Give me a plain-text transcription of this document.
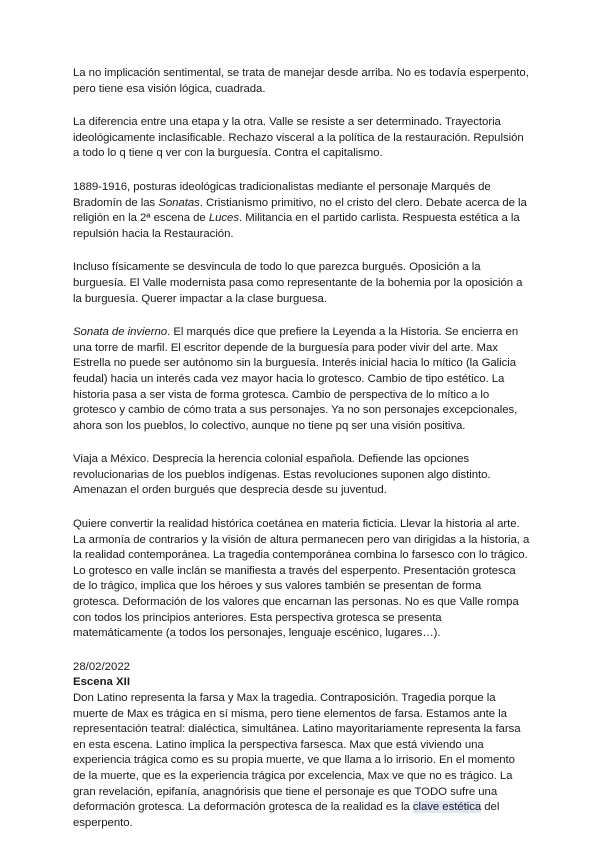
La no implicación sentimental, se trata de manejar desde arriba. No es todavía esperpento, pero tiene esa visión lógica, cuadrada.

La diferencia entre una etapa y la otra. Valle se resiste a ser determinado. Trayectoria ideológicamente inclasificable. Rechazo visceral a la política de la restauración. Repulsión a todo lo q tiene q ver con la burguesía. Contra el capitalismo.

1889-1916, posturas ideológicas tradicionalistas mediante el personaje Marqués de Bradomín de las Sonatas. Cristianismo primitivo, no el cristo del clero. Debate acerca de la religión en la 2ª escena de Luces. Militancia en el partido carlista. Respuesta estética a la repulsión hacia la Restauración.

Incluso físicamente se desvincula de todo lo que parezca burgués. Oposición a la burguesía. El Valle modernista pasa como representante de la bohemia por la oposición a la burguesía. Querer impactar a la clase burguesa.

Sonata de invierno. El marqués dice que prefiere la Leyenda a la Historia. Se encierra en una torre de marfil. El escritor depende de la burguesía para poder vivir del arte. Max Estrella no puede ser autónomo sin la burguesía. Interés inicial hacia lo mítico (la Galicia feudal) hacia un interés cada vez mayor hacia lo grotesco. Cambio de tipo estético. La historia pasa a ser vista de forma grotesca. Cambio de perspectiva de lo mítico a lo grotesco y cambio de cómo trata a sus personajes. Ya no son personajes excepcionales, ahora son los pueblos, lo colectivo, aunque no tiene pq ser una visión positiva.

Viaja a México. Desprecia la herencia colonial española. Defiende las opciones revolucionarias de los pueblos indígenas. Estas revoluciones suponen algo distinto. Amenazan el orden burgués que desprecia desde su juventud.

Quiere convertir la realidad histórica coetánea en materia ficticia. Llevar la historia al arte. La armonía de contrarios y la visión de altura permanecen pero van dirigidas a la historia, a la realidad contemporánea. La tragedia contemporánea combina lo farsesco con lo trágico. Lo grotesco en valle inclán se manifiesta a través del esperpento. Presentación grotesca de lo trágico, implica que los héroes y sus valores también se presentan de forma grotesca. Deformación de los valores que encarnan las personas. No es que Valle rompa con todos los principios anteriores. Esta perspectiva grotesca se presenta matemáticamente (a todos los personajes, lenguaje escénico, lugares…).

28/02/2022
Escena XII

Don Latino representa la farsa y Max la tragedia. Contraposición. Tragedia porque la muerte de Max es trágica en sí misma, pero tiene elementos de farsa. Estamos ante la representación teatral: dialéctica, simultánea. Latino mayoritariamente representa la farsa en esta escena. Latino implica la perspectiva farsesca. Max que está viviendo una experiencia trágica como es su propia muerte, ve que llama a lo irrisorio. En el momento de la muerte, que es la experiencia trágica por excelencia, Max ve que no es trágico. La gran revelación, epifanía, anagnórisis que tiene el personaje es que TODO sufre una deformación grotesca. La deformación grotesca de la realidad es la clave estética del esperpento.
